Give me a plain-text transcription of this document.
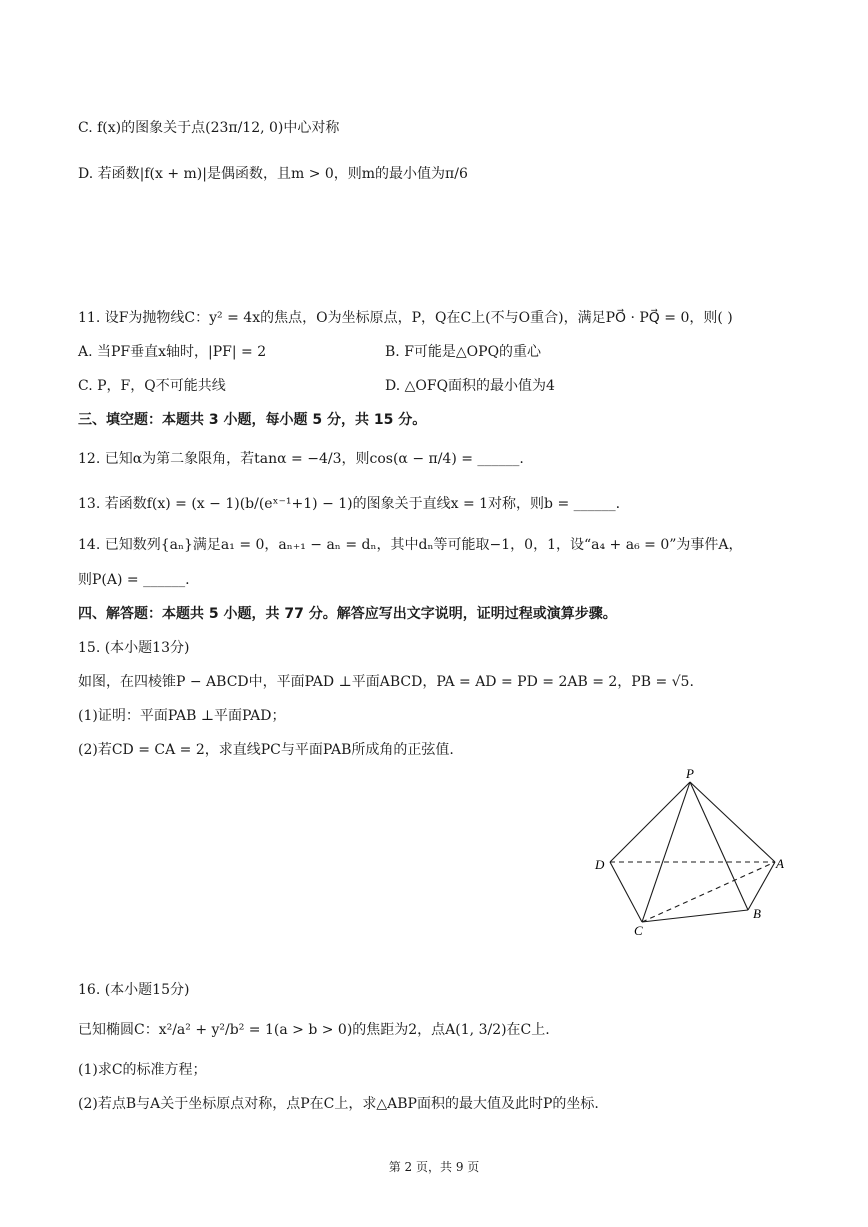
C. f(x)的图象关于点(23π/12, 0)中心对称
D. 若函数|f(x + m)|是偶函数，且m > 0，则m的最小值为π/6
11. 设F为抛物线C：y² = 4x的焦点，O为坐标原点，P，Q在C上(不与O重合)，满足PO⃗ · PQ⃗ = 0，则( )
A. 当PF垂直x轴时，|PF| = 2	B. F可能是△OPQ的重心
C. P，F，Q不可能共线	D. △OFQ面积的最小值为4
三、填空题：本题共 3 小题，每小题 5 分，共 15 分。
12. 已知α为第二象限角，若tanα = −4/3，则cos(α − π/4) = ______.
13. 若函数f(x) = (x − 1)(b/(eˣ⁻¹+1) − 1)的图象关于直线x = 1对称，则b = ______.
14. 已知数列{aₙ}满足a₁ = 0，aₙ₊₁ − aₙ = dₙ，其中dₙ等可能取−1，0，1，设“a₄ + a₆ = 0”为事件A，
则P(A) = ______.
四、解答题：本题共 5 小题，共 77 分。解答应写出文字说明，证明过程或演算步骤。
15. (本小题13分)
如图，在四棱锥P − ABCD中，平面PAD ⊥平面ABCD，PA = AD = PD = 2AB = 2，PB = √5.
(1)证明：平面PAB ⊥平面PAD；
(2)若CD = CA = 2，求直线PC与平面PAB所成角的正弦值.
P
D	A
B
C
16. (本小题15分)
已知椭圆C：x²/a² + y²/b² = 1(a > b > 0)的焦距为2，点A(1, 3/2)在C上.
(1)求C的标准方程；
(2)若点B与A关于坐标原点对称，点P在C上，求△ABP面积的最大值及此时P的坐标.
第 2 页，共 9 页
